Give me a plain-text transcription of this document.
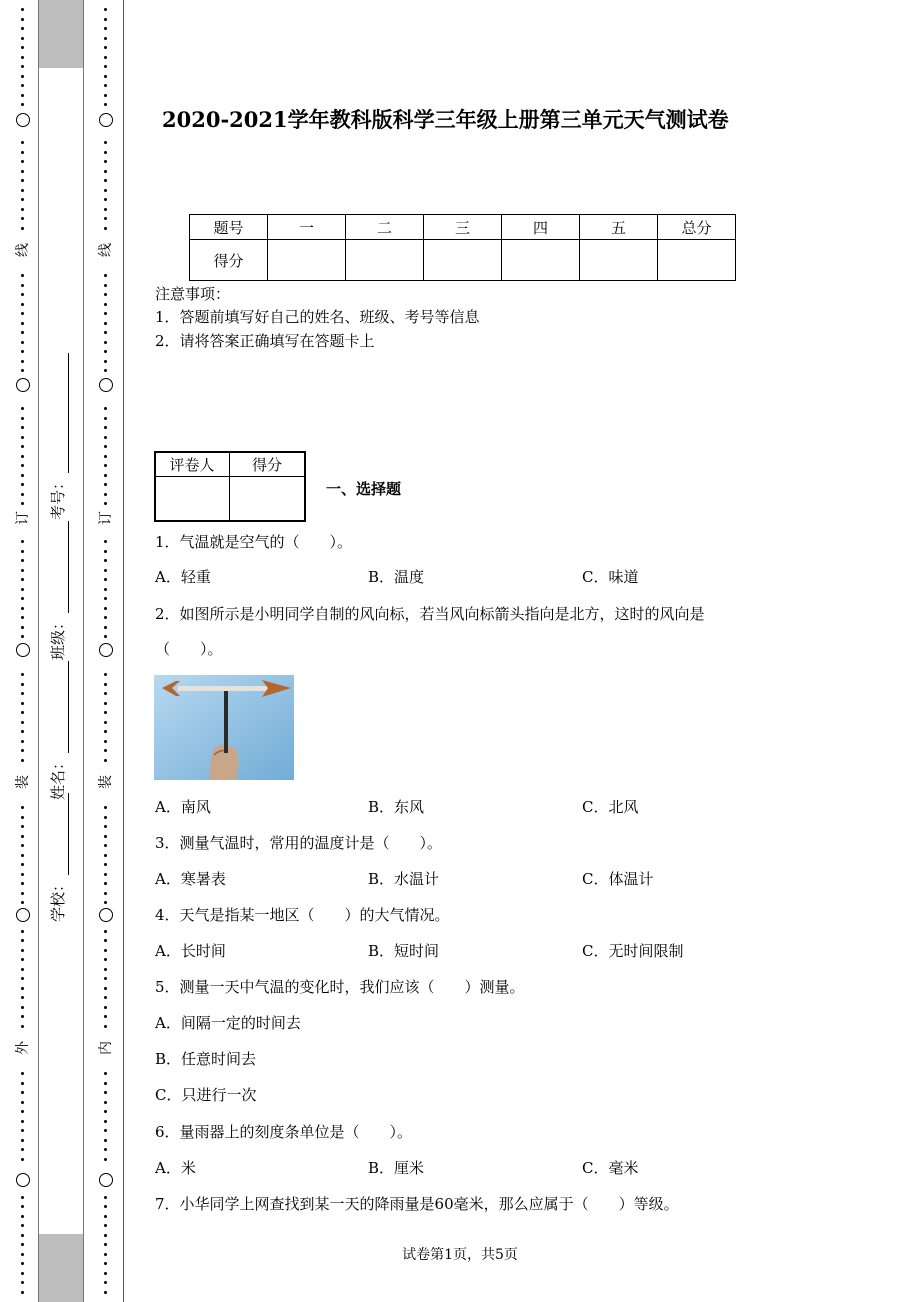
线
订
装
外
线
订
装
内
考号：
班级：
姓名：
学校：
2020-2021学年教科版科学三年级上册第三单元天气测试卷
题号	一	二	三	四	五	总分
得分						
注意事项：
1．答题前填写好自己的姓名、班级、考号等信息
2．请将答案正确填写在答题卡上
评卷人	得分

一、选择题
1．气温就是空气的（　　）。
A．轻重	B．温度	C．味道
2．如图所示是小明同学自制的风向标，若当风向标箭头指向是北方，这时的风向是
（　　）。
A．南风	B．东风	C．北风
3．测量气温时，常用的温度计是（　　）。
A．寒暑表	B．水温计	C．体温计
4．天气是指某一地区（　　）的大气情况。
A．长时间	B．短时间	C．无时间限制
5．测量一天中气温的变化时，我们应该（　　）测量。
A．间隔一定的时间去
B．任意时间去
C．只进行一次
6．量雨器上的刻度条单位是（　　）。
A．米	B．厘米	C．毫米
7．小华同学上网查找到某一天的降雨量是60毫米，那么应属于（　　）等级。
试卷第1页，共5页
